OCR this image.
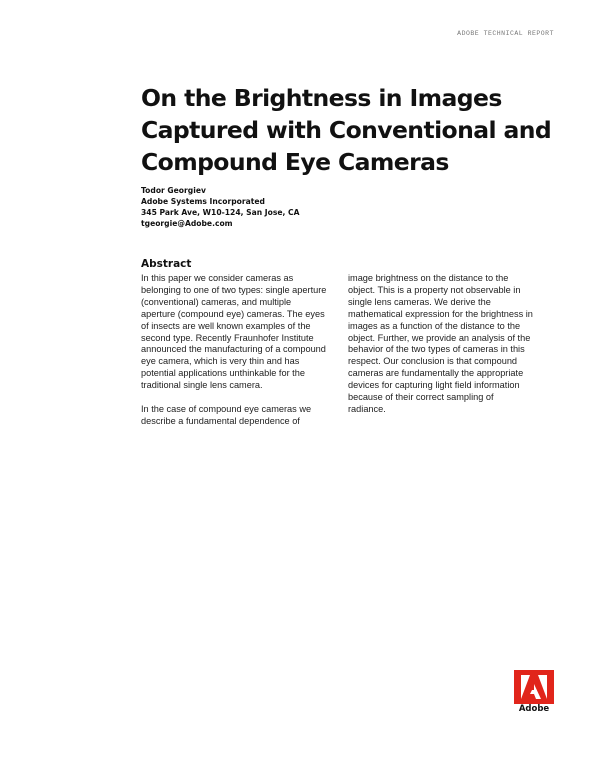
ADOBE TECHNICAL REPORT
On the Brightness in Images
Captured with Conventional and
Compound Eye Cameras
Todor Georgiev
Adobe Systems Incorporated
345 Park Ave, W10-124, San Jose, CA
tgeorgie@Adobe.com
Abstract

In this paper we consider cameras as
belonging to one of two types: single aperture
(conventional) cameras, and multiple
aperture (compound eye) cameras. The eyes
of insects are well known examples of the
second type. Recently Fraunhofer Institute
announced the manufacturing of a compound
eye camera, which is very thin and has
potential applications unthinkable for the
traditional single lens camera.

In the case of compound eye cameras we
describe a fundamental dependence of

image brightness on the distance to the
object. This is a property not observable in
single lens cameras. We derive the
mathematical expression for the brightness in
images as a function of the distance to the
object. Further, we provide an analysis of the
behavior of the two types of cameras in this
respect. Our conclusion is that compound
cameras are fundamentally the appropriate
devices for capturing light field information
because of their correct sampling of
radiance.

Adobe
